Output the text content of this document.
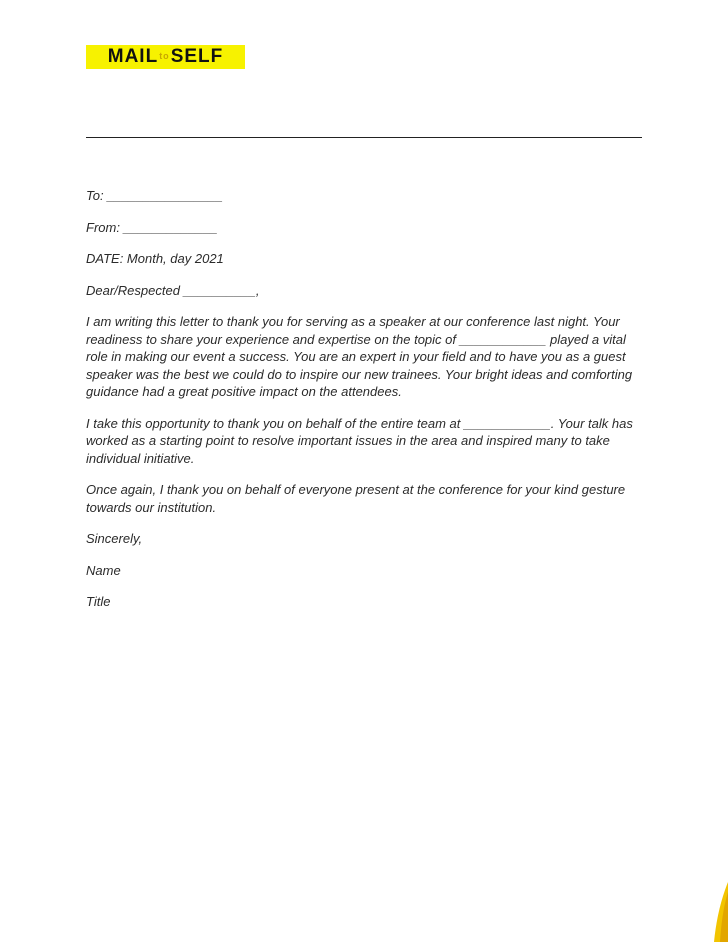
MAIL to SELF

To: ________________

From: _____________

DATE: Month, day 2021

Dear/Respected __________,

I am writing this letter to thank you for serving as a speaker at our conference last night. Your readiness to share your experience and expertise on the topic of ____________ played a vital role in making our event a success. You are an expert in your field and to have you as a guest speaker was the best we could do to inspire our new trainees. Your bright ideas and comforting guidance had a great positive impact on the attendees.

I take this opportunity to thank you on behalf of the entire team at ____________. Your talk has worked as a starting point to resolve important issues in the area and inspired many to take individual initiative.

Once again, I thank you on behalf of everyone present at the conference for your kind gesture towards our institution.

Sincerely,

Name

Title
